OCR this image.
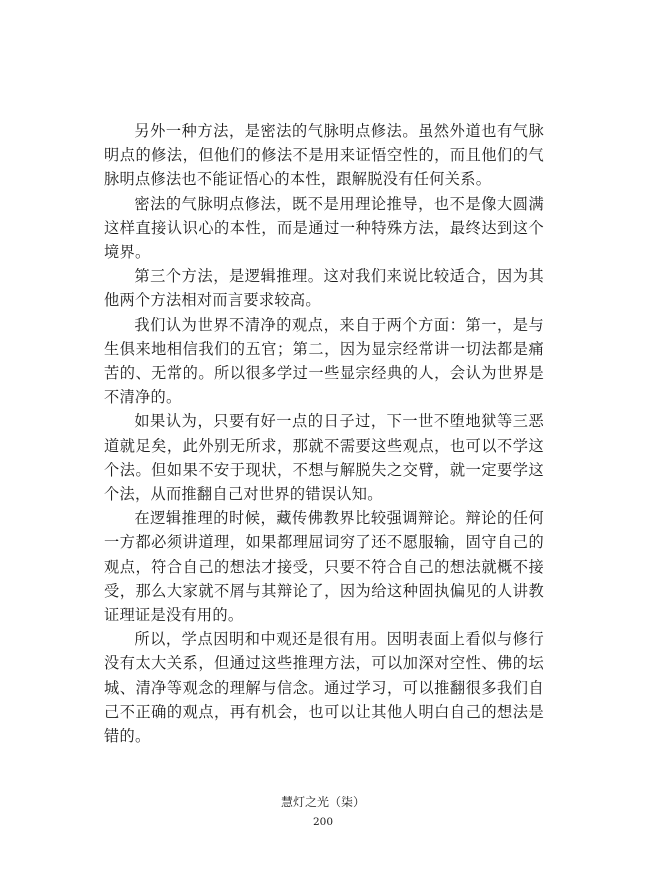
另外一种方法，是密法的气脉明点修法。虽然外道也有气脉明点的修法，但他们的修法不是用来证悟空性的，而且他们的气脉明点修法也不能证悟心的本性，跟解脱没有任何关系。

密法的气脉明点修法，既不是用理论推导，也不是像大圆满这样直接认识心的本性，而是通过一种特殊方法，最终达到这个境界。

第三个方法，是逻辑推理。这对我们来说比较适合，因为其他两个方法相对而言要求较高。

我们认为世界不清净的观点，来自于两个方面：第一，是与生俱来地相信我们的五官；第二，因为显宗经常讲一切法都是痛苦的、无常的。所以很多学过一些显宗经典的人，会认为世界是不清净的。

如果认为，只要有好一点的日子过，下一世不堕地狱等三恶道就足矣，此外别无所求，那就不需要这些观点，也可以不学这个法。但如果不安于现状，不想与解脱失之交臂，就一定要学这个法，从而推翻自己对世界的错误认知。

在逻辑推理的时候，藏传佛教界比较强调辩论。辩论的任何一方都必须讲道理，如果都理屈词穷了还不愿服输，固守自己的观点，符合自己的想法才接受，只要不符合自己的想法就概不接受，那么大家就不屑与其辩论了，因为给这种固执偏见的人讲教证理证是没有用的。

所以，学点因明和中观还是很有用。因明表面上看似与修行没有太大关系，但通过这些推理方法，可以加深对空性、佛的坛城、清净等观念的理解与信念。通过学习，可以推翻很多我们自己不正确的观点，再有机会，也可以让其他人明白自己的想法是错的。

慧灯之光（柒）
200
